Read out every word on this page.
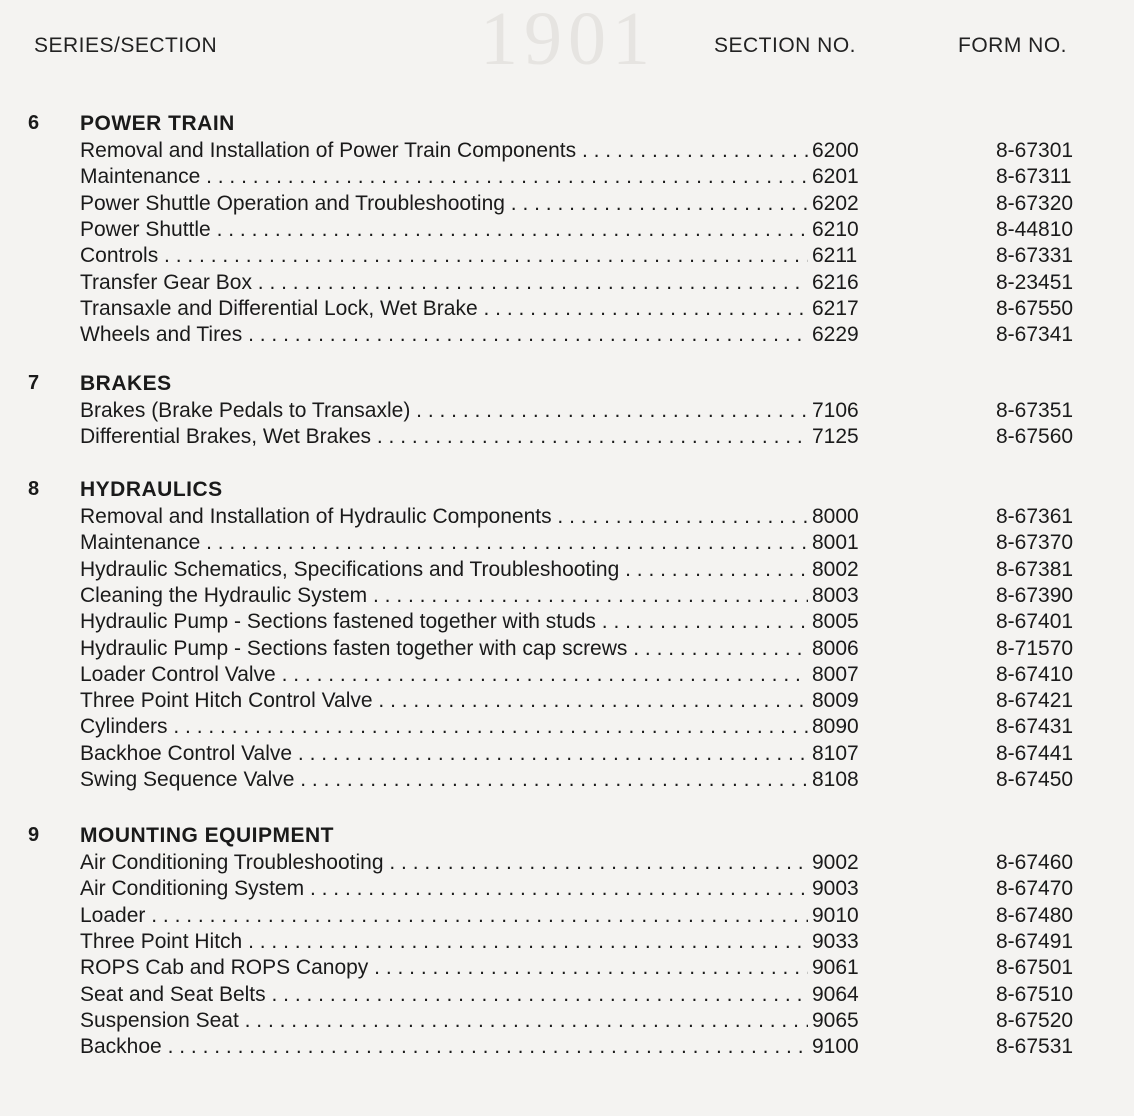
1901
SERIES/SECTION	SECTION NO.	FORM NO.
6 POWER TRAIN
Removal and Installation of Power Train Components . . .	6200	8-67301
Maintenance . . .	6201	8-67311
Power Shuttle Operation and Troubleshooting . . .	6202	8-67320
Power Shuttle . . .	6210	8-44810
Controls . . .	6211	8-67331
Transfer Gear Box . . .	6216	8-23451
Transaxle and Differential Lock, Wet Brake . . .	6217	8-67550
Wheels and Tires . . .	6229	8-67341
7 BRAKES
Brakes (Brake Pedals to Transaxle) . . .	7106	8-67351
Differential Brakes, Wet Brakes . . .	7125	8-67560
8 HYDRAULICS
Removal and Installation of Hydraulic Components . . .	8000	8-67361
Maintenance . . .	8001	8-67370
Hydraulic Schematics, Specifications and Troubleshooting . . .	8002	8-67381
Cleaning the Hydraulic System . . .	8003	8-67390
Hydraulic Pump - Sections fastened together with studs . . .	8005	8-67401
Hydraulic Pump - Sections fasten together with cap screws . . .	8006	8-71570
Loader Control Valve . . .	8007	8-67410
Three Point Hitch Control Valve . . .	8009	8-67421
Cylinders . . .	8090	8-67431
Backhoe Control Valve . . .	8107	8-67441
Swing Sequence Valve . . .	8108	8-67450
9 MOUNTING EQUIPMENT
Air Conditioning Troubleshooting . . .	9002	8-67460
Air Conditioning System . . .	9003	8-67470
Loader . . .	9010	8-67480
Three Point Hitch . . .	9033	8-67491
ROPS Cab and ROPS Canopy . . .	9061	8-67501
Seat and Seat Belts . . .	9064	8-67510
Suspension Seat . . .	9065	8-67520
Backhoe . . .	9100	8-67531
